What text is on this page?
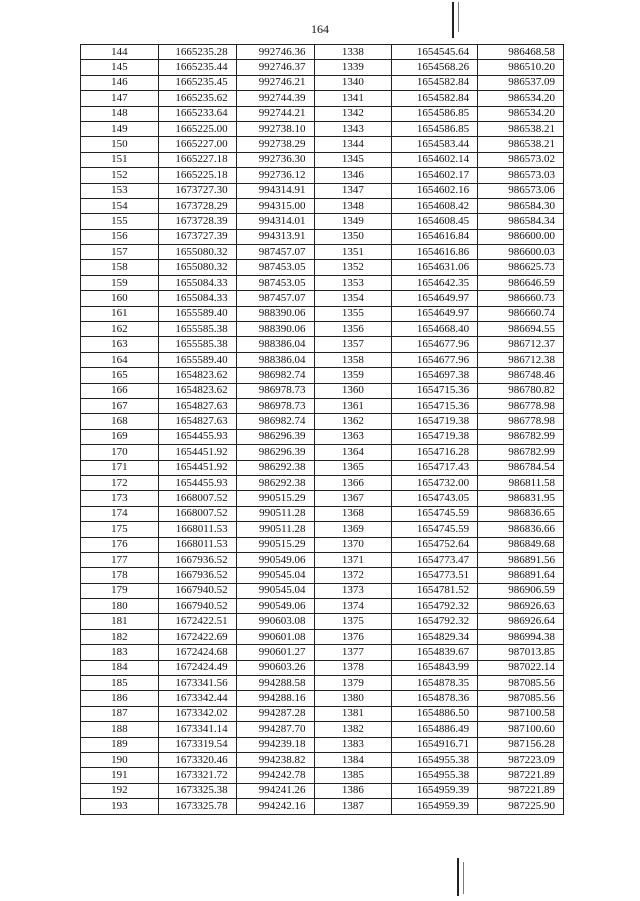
164
144	1665235.28	992746.36	1338	1654545.64	986468.58
145	1665235.44	992746.37	1339	1654568.26	986510.20
146	1665235.45	992746.21	1340	1654582.84	986537.09
147	1665235.62	992744.39	1341	1654582.84	986534.20
148	1665233.64	992744.21	1342	1654586.85	986534.20
149	1665225.00	992738.10	1343	1654586.85	986538.21
150	1665227.00	992738.29	1344	1654583.44	986538.21
151	1665227.18	992736.30	1345	1654602.14	986573.02
152	1665225.18	992736.12	1346	1654602.17	986573.03
153	1673727.30	994314.91	1347	1654602.16	986573.06
154	1673728.29	994315.00	1348	1654608.42	986584.30
155	1673728.39	994314.01	1349	1654608.45	986584.34
156	1673727.39	994313.91	1350	1654616.84	986600.00
157	1655080.32	987457.07	1351	1654616.86	986600.03
158	1655080.32	987453.05	1352	1654631.06	986625.73
159	1655084.33	987453.05	1353	1654642.35	986646.59
160	1655084.33	987457.07	1354	1654649.97	986660.73
161	1655589.40	988390.06	1355	1654649.97	986660.74
162	1655585.38	988390.06	1356	1654668.40	986694.55
163	1655585.38	988386.04	1357	1654677.96	986712.37
164	1655589.40	988386.04	1358	1654677.96	986712.38
165	1654823.62	986982.74	1359	1654697.38	986748.46
166	1654823.62	986978.73	1360	1654715.36	986780.82
167	1654827.63	986978.73	1361	1654715.36	986778.98
168	1654827.63	986982.74	1362	1654719.38	986778.98
169	1654455.93	986296.39	1363	1654719.38	986782.99
170	1654451.92	986296.39	1364	1654716.28	986782.99
171	1654451.92	986292.38	1365	1654717.43	986784.54
172	1654455.93	986292.38	1366	1654732.00	986811.58
173	1668007.52	990515.29	1367	1654743.05	986831.95
174	1668007.52	990511.28	1368	1654745.59	986836.65
175	1668011.53	990511.28	1369	1654745.59	986836.66
176	1668011.53	990515.29	1370	1654752.64	986849.68
177	1667936.52	990549.06	1371	1654773.47	986891.56
178	1667936.52	990545.04	1372	1654773.51	986891.64
179	1667940.52	990545.04	1373	1654781.52	986906.59
180	1667940.52	990549.06	1374	1654792.32	986926.63
181	1672422.51	990603.08	1375	1654792.32	986926.64
182	1672422.69	990601.08	1376	1654829.34	986994.38
183	1672424.68	990601.27	1377	1654839.67	987013.85
184	1672424.49	990603.26	1378	1654843.99	987022.14
185	1673341.56	994288.58	1379	1654878.35	987085.56
186	1673342.44	994288.16	1380	1654878.36	987085.56
187	1673342.02	994287.28	1381	1654886.50	987100.58
188	1673341.14	994287.70	1382	1654886.49	987100.60
189	1673319.54	994239.18	1383	1654916.71	987156.28
190	1673320.46	994238.82	1384	1654955.38	987223.09
191	1673321.72	994242.78	1385	1654955.38	987221.89
192	1673325.38	994241.26	1386	1654959.39	987221.89
193	1673325.78	994242.16	1387	1654959.39	987225.90
